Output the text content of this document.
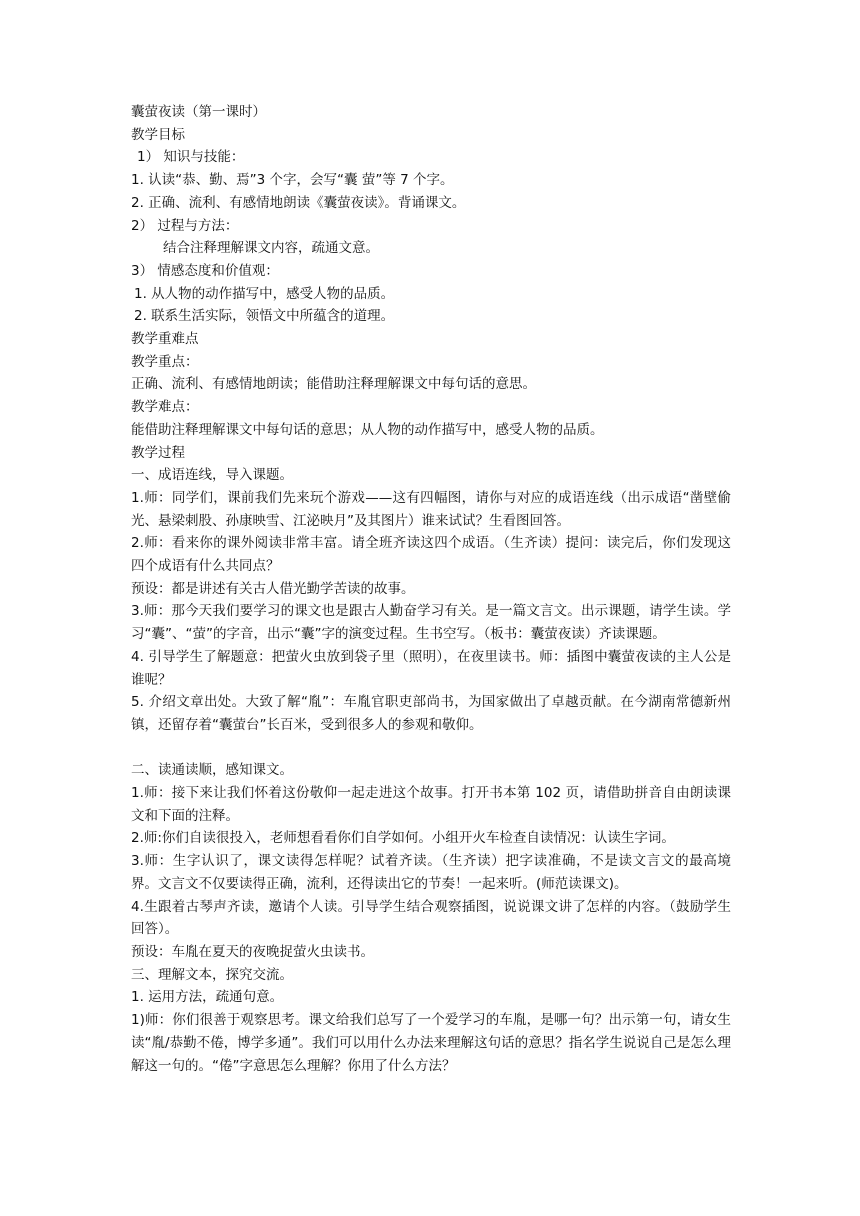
囊萤夜读（第一课时）

教学目标

1） 知识与技能：

1. 认读“恭、勤、焉”3 个字，会写“囊 萤”等 7 个字。

2. 正确、流利、有感情地朗读《囊萤夜读》。背诵课文。

2） 过程与方法：

结合注释理解课文内容，疏通文意。

3） 情感态度和价值观：

1. 从人物的动作描写中，感受人物的品质。

2. 联系生活实际，领悟文中所蕴含的道理。

教学重难点

教学重点：

正确、流利、有感情地朗读；能借助注释理解课文中每句话的意思。

教学难点：

能借助注释理解课文中每句话的意思；从人物的动作描写中，感受人物的品质。

教学过程

一、成语连线，导入课题。

1.师：同学们，课前我们先来玩个游戏——这有四幅图，请你与对应的成语连线（出示成语“凿壁偷光、悬梁刺股、孙康映雪、江泌映月”及其图片）谁来试试？生看图回答。

2.师：看来你的课外阅读非常丰富。请全班齐读这四个成语。（生齐读）提问：读完后，你们发现这四个成语有什么共同点？

预设：都是讲述有关古人借光勤学苦读的故事。

3.师：那今天我们要学习的课文也是跟古人勤奋学习有关。是一篇文言文。出示课题，请学生读。学习“囊”、“萤”的字音，出示“囊”字的演变过程。生书空写。（板书：囊萤夜读）齐读课题。

4. 引导学生了解题意：把萤火虫放到袋子里（照明），在夜里读书。师：插图中囊萤夜读的主人公是谁呢？

5. 介绍文章出处。大致了解“胤”：车胤官职吏部尚书，为国家做出了卓越贡献。在今湖南常德新州镇，还留存着“囊萤台”长百米，受到很多人的参观和敬仰。

二、读通读顺，感知课文。

1.师：接下来让我们怀着这份敬仰一起走进这个故事。打开书本第 102 页，请借助拼音自由朗读课文和下面的注释。

2.师:你们自读很投入，老师想看看你们自学如何。小组开火车检查自读情况：认读生字词。

3.师：生字认识了，课文读得怎样呢？试着齐读。（生齐读）把字读准确，不是读文言文的最高境界。文言文不仅要读得正确，流利，还得读出它的节奏！一起来听。(师范读课文)。

4.生跟着古琴声齐读，邀请个人读。引导学生结合观察插图，说说课文讲了怎样的内容。（鼓励学生回答）。

预设：车胤在夏天的夜晚捉萤火虫读书。

三、理解文本，探究交流。

1. 运用方法，疏通句意。

1)师：你们很善于观察思考。课文给我们总写了一个爱学习的车胤，是哪一句？出示第一句，请女生读“胤/恭勤不倦，博学多通”。我们可以用什么办法来理解这句话的意思？指名学生说说自己是怎么理解这一句的。“倦”字意思怎么理解？你用了什么方法？
